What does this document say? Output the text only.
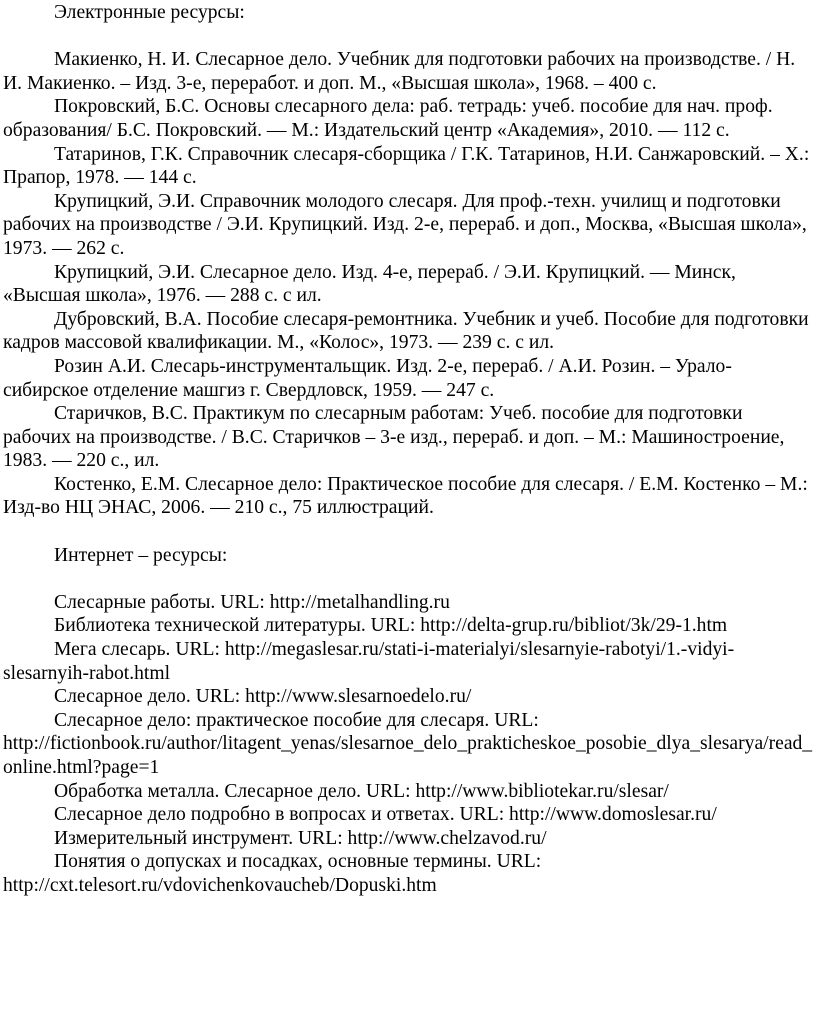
Электронные ресурсы:

Макиенко, Н. И. Слесарное дело. Учебник для подготовки рабочих на производстве. / Н. И. Макиенко. – Изд. 3-е, переработ. и доп. М., «Высшая школа», 1968. – 400 с.

Покровский, Б.С. Основы слесарного дела: раб. тетрадь: учеб. пособие для нач. проф. образования/ Б.С. Покровский. — М.: Издательский центр «Академия», 2010. — 112 с.

Татаринов, Г.К. Справочник слесаря-сборщика / Г.К. Татаринов, Н.И. Санжаровский. – Х.: Прапор, 1978. — 144 с.

Крупицкий, Э.И. Справочник молодого слесаря. Для проф.-техн. училищ и подготовки рабочих на производстве / Э.И. Крупицкий. Изд. 2-е, перераб. и доп., Москва, «Высшая школа», 1973. — 262 с.

Крупицкий, Э.И. Слесарное дело. Изд. 4-е, перераб. / Э.И. Крупицкий. — Минск, «Высшая школа», 1976. — 288 с. с ил.

Дубровский, В.А. Пособие слесаря-ремонтника. Учебник и учеб. Пособие для подготовки кадров массовой квалификации. М., «Колос», 1973. — 239 с. с ил.

Розин А.И. Слесарь-инструментальщик. Изд. 2-е, перераб. / А.И. Розин. – Урало-сибирское отделение машгиз г. Свердловск, 1959. — 247 с.

Старичков, В.С. Практикум по слесарным работам: Учеб. пособие для подготовки рабочих на производстве. / В.С. Старичков – 3-е изд., перераб. и доп. – М.: Машиностроение, 1983. ― 220 с., ил.

Костенко, Е.М. Слесарное дело: Практическое пособие для слесаря. / Е.М. Костенко – М.: Изд-во НЦ ЭНАС, 2006. ― 210 с., 75 иллюстраций.

Интернет – ресурсы:

Слесарные работы. URL: http://metalhandling.ru

Библиотека технической литературы. URL: http://delta-grup.ru/bibliot/3k/29-1.htm

Мега слесарь. URL: http://megaslesar.ru/stati-i-materialyi/slesarnyie-rabotyi/1.-vidyi-slesarnyih-rabot.html

Слесарное дело. URL: http://www.slesarnoedelo.ru/

Слесарное дело: практическое пособие для слесаря. URL: http://fictionbook.ru/author/litagent_yenas/slesarnoe_delo_prakticheskoe_posobie_dlya_slesarya/read_online.html?page=1

Обработка металла. Слесарное дело. URL: http://www.bibliotekar.ru/slesar/

Слесарное дело подробно в вопросах и ответах. URL: http://www.domoslesar.ru/

Измерительный инструмент. URL: http://www.chelzavod.ru/

Понятия о допусках и посадках, основные термины. URL: http://cxt.telesort.ru/vdovichenkovaucheb/Dopuski.htm
